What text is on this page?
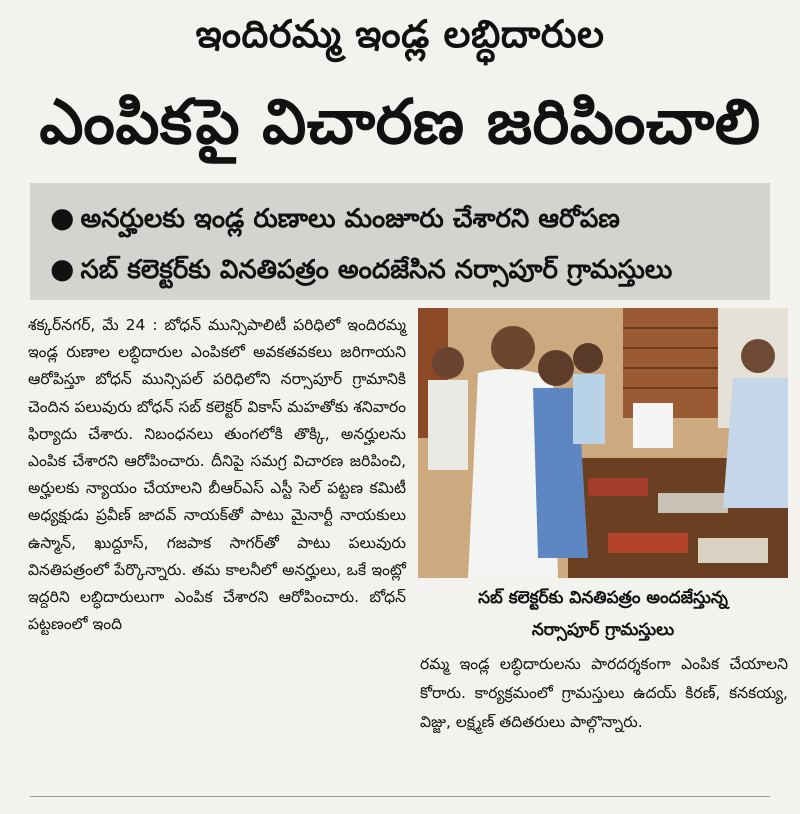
ఇందిరమ్మ ఇండ్ల లబ్ధిదారుల
ఎంపికపై విచారణ జరిపించాలి
● అనర్హులకు ఇండ్ల రుణాలు మంజూరు చేశారని ఆరోపణ
● సబ్ కలెక్టర్‌కు వినతిపత్రం అందజేసిన నర్సాపూర్ గ్రామస్తులు

శక్కర్‌నగర్, మే 24 : బోధన్ మున్సిపాలిటీ పరిధిలో ఇందిరమ్మ ఇండ్ల రుణాల లబ్ధిదారుల ఎంపికలో అవకతవకలు జరిగాయని ఆరోపిస్తూ బోధన్ మున్సిపల్ పరిధిలోని నర్సాపూర్ గ్రామానికి చెందిన పలువురు బోధన్ సబ్ కలెక్టర్ వికాస్ మహతోకు శనివారం ఫిర్యాదు చేశారు. నిబంధనలు తుంగలోకి తొక్కి, అనర్హులను ఎంపిక చేశారని ఆరోపించారు. దీనిపై సమగ్ర విచారణ జరిపించి, అర్హులకు న్యాయం చేయాలని బీఆర్ఎస్ ఎస్టీ సెల్ పట్టణ కమిటీ అధ్యక్షుడు ప్రవీణ్ జాదవ్ నాయక్‌తో పాటు మైనార్టీ నాయకులు ఉస్మాన్, ఖుద్దూస్, గజపాక సాగర్‌తో పాటు పలువురు వినతిపత్రంలో పేర్కొన్నారు. తమ కాలనీలో అనర్హులు, ఒకే ఇంట్లో ఇద్దరిని లబ్ధిదారులుగా ఎంపిక చేశారని ఆరోపించారు. బోధన్ పట్టణంలో ఇంది

సబ్ కలెక్టర్‌కు వినతిపత్రం అందజేస్తున్న
నర్సాపూర్ గ్రామస్తులు

రమ్మ ఇండ్ల లబ్ధిదారులను పారదర్శకంగా ఎంపిక చేయాలని కోరారు. కార్యక్రమంలో గ్రామస్తులు ఉదయ్ కిరణ్, కనకయ్య, విజ్జు, లక్ష్మణ్ తదితరులు పాల్గొన్నారు.
